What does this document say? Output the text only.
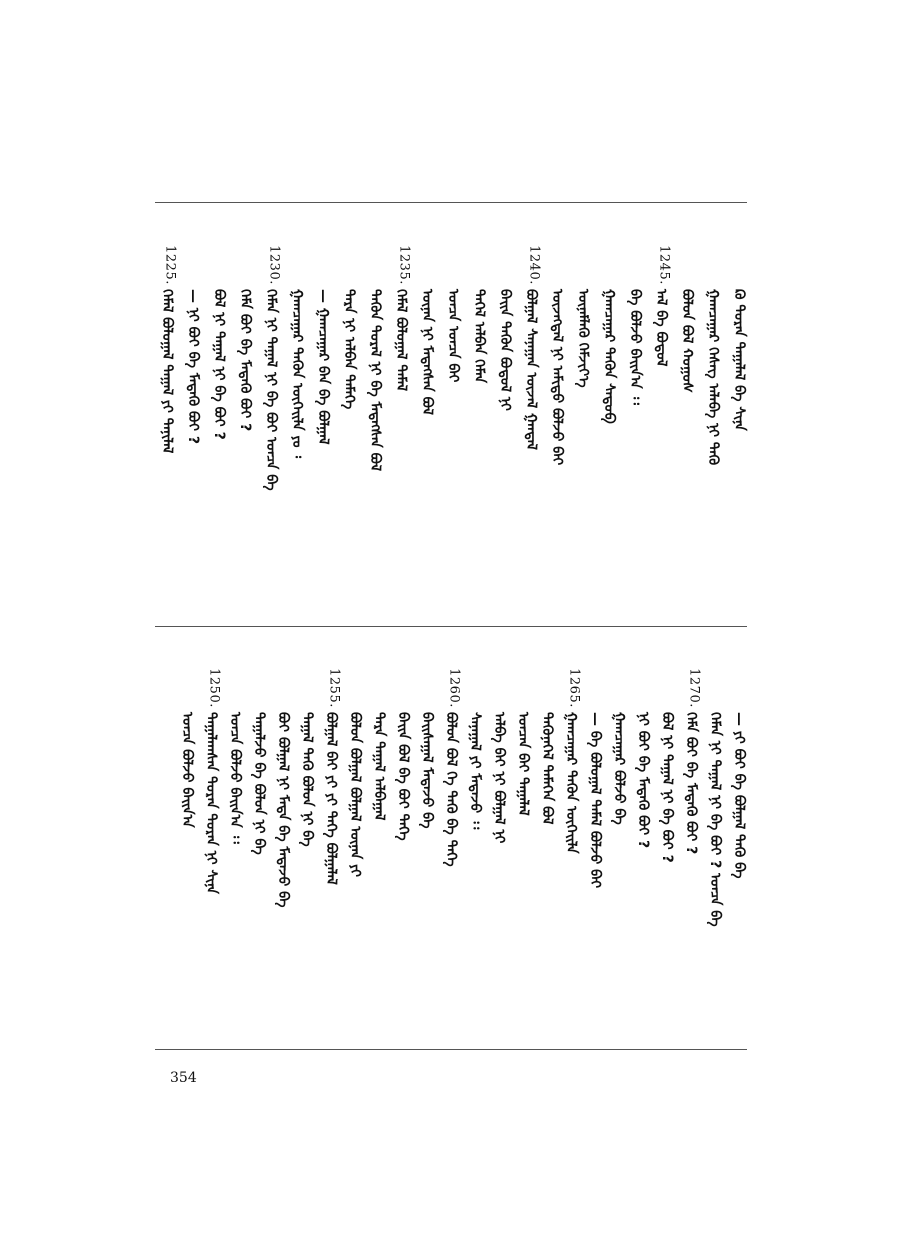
ᠺᠣ ᠳᠤᠷᠠᠨ ᠲᠠᠭᠠᠯᠠᠯ ᠪᠠ ᠰᠢᠨᠡ
ᠭᠠᠭᠴᠠᠭᠠᠷ ᠬᠡᠰᠡᠭ ᠠᠯᠠᠪᠠ ᠨᠢ ᠲᠡᠭᠦ
ᠪᠣᠯᠤᠨ ᠪᠣᠯ ᠬᠣᠭᠤᠰ
1245.
ᠠᠯ ᠪᠠ ᠪᠣᠳᠣᠯ
ᠪᠠ ᠪᠣᠯᠵᠤ ᠪᠠᠢᠨ᠎ᠠ ᠄᠄
ᠭᠠᠭᠴᠠᠭᠠᠷ ᠲᠡᠭᠦᠨ ᠰᠡᠳᠦᠪ
ᠦᠨᠡᠮᠯᠡᠬᠦ ᠬᠡᠮᠵᠢᠶ᠎ᠡ
ᠦᠵᠡᠭᠳᠡᠯ ᠨᠢ ᠠᠮᠢᠳᠤ ᠪᠣᠯᠵᠤ ᠪᠠᠢ
1240.
ᠪᠣᠯᠭᠠᠯ ᠰᠠᠨᠠᠭᠠᠨ ᠦᠵᠡᠯ ᠭᠠᠨᠳᠠᠯ
ᠪᠠᠢᠨ ᠲᠡᠭᠦᠨ ᠪᠣᠳᠤᠯ ᠨᠢ
ᠲᠡᠭᠡᠯ ᠠᠯᠪᠠᠨ ᠬᠡᠮᠡᠨ
ᠣᠨᠴᠠ ᠣᠨᠴᠠ ᠪᠠᠢ
ᠦᠨᠡᠨ ᠨᠢ ᠮᠡᠳᠡᠭᠰᠡᠨ ᠪᠣᠯ
1235.
ᠬᠡᠮᠡᠯ ᠪᠣᠯᠤᠭᠠᠯ ᠲᠡᠮᠡᠯ
ᠲᠡᠭᠦᠨ ᠳᠤᠷᠠᠯ ᠨᠢ ᠪᠠ ᠮᠡᠳᠡᠭᠰᠡᠨ ᠪᠣᠯ
ᠲᠡᠷᠡ ᠨᠢ ᠠᠯᠪᠠᠨ ᠲᠡᠮᠡᠭᠡ
— ᠭᠠᠭᠴᠠᠭᠠᠷ ᠪᠠᠨ ᠪᠠ ᠪᠣᠯᠭᠠᠯ
ᠭᠠᠭᠴᠠᠭᠠᠷ ᠲᠡᠭᠦᠨ ᠦᠭᠡᠢᠯᠡ ᠶᠤ ᠄
1230.
ᠬᠡᠮᠡᠨ ᠨᠢ ᠲᠠᠭᠠᠯ ᠨᠢ ᠪᠠ ᠪᠣᠢ ᠣᠨᠴᠠ ᠪᠠ
ᠬᠡᠮᠡ ᠪᠣᠢ ᠪᠠ ᠮᠡᠳᠡᠬᠦ ᠪᠣᠢ ?
ᠪᠣᠯ ᠨᠢ ᠲᠠᠭᠠᠯ ᠨᠢ ᠪᠠ ᠪᠣᠢ ?
— ᠨᠢ ᠪᠣᠢ ᠪᠠ ᠮᠡᠳᠡᠬᠦ ᠪᠣᠢ ?
1225.
ᠬᠡᠮᠡᠯ ᠪᠣᠯᠤᠭᠠᠯ ᠲᠠᠭᠠᠯ ᠶᠢ ᠲᠠᠨᠢᠯᠠᠯ
— ᠶᠢ ᠪᠣᠢ ᠪᠠ ᠪᠣᠯᠭᠠᠯ ᠲᠡᠭᠦ ᠪᠠ
ᠬᠡᠮᠡᠨ ᠨᠢ ᠲᠠᠭᠠᠯ ᠨᠢ ᠪᠠ ᠪᠣᠢ ? ᠣᠨᠴᠠ ᠪᠠ
1270.
ᠬᠡᠮᠡ ᠪᠣᠢ ᠪᠠ ᠮᠡᠳᠡᠬᠦ ᠪᠣᠢ ?
ᠪᠣᠯ ᠨᠢ ᠲᠠᠭᠠᠯ ᠨᠢ ᠪᠠ ᠪᠣᠢ ?
ᠨᠢ ᠪᠣᠢ ᠪᠠ ᠮᠡᠳᠡᠬᠦ ᠪᠣᠢ ?
ᠭᠠᠭᠴᠠᠭᠠᠷ ᠪᠣᠯᠵᠤ ᠪᠠ
— ᠪᠠ ᠪᠣᠯᠤᠭᠠᠯ ᠲᠡᠮᠡᠯ ᠪᠣᠯᠵᠤ ᠪᠠᠢ
1265.
ᠭᠠᠭᠴᠠᠭᠠᠷ ᠲᠡᠭᠦᠨ ᠦᠭᠡᠢᠯᠡ
ᠲᠡᠭᠦᠨᠡᠭᠡᠯ ᠲᠡᠮᠡᠭᠡᠨ ᠪᠣᠯ
ᠣᠨᠴᠠᠨ ᠪᠠᠢ ᠲᠠᠭᠠᠯᠠᠯ
ᠠᠯᠪᠠ ᠪᠠᠢ ᠨᠢ ᠪᠣᠯᠭᠠᠯ ᠨᠢ
ᠰᠠᠨᠠᠭᠠᠯ ᠶᠢ ᠮᠡᠳᠡᠵᠤ ᠄᠄
1260.
ᠪᠣᠯᠤᠨ ᠪᠣᠯ ᠬᠡ ᠲᠡᠭᠦ ᠪᠠ ᠲᠡᠭᠡ
ᠪᠠᠢᠰᠠᠭᠠᠯ ᠮᠡᠳᠡᠵᠤ ᠪᠠ
ᠪᠠᠢᠨ ᠪᠣᠯ ᠪᠠ ᠪᠣᠢ ᠲᠡᠭᠡ
ᠲᠡᠷᠡ ᠲᠠᠭᠠᠯ ᠠᠯᠪᠠᠭᠠᠯ
ᠪᠣᠯᠤᠨ ᠪᠣᠯᠭᠠᠯ ᠪᠣᠯᠭᠠᠯ ᠦᠨᠡᠨ ᠶᠢ
1255.
ᠪᠣᠯᠭᠠᠯ ᠪᠠᠢ ᠶᠢ ᠶᠢ ᠲᠡᠭᠡ ᠪᠣᠯᠭᠠᠯᠠᠯ
ᠲᠠᠭᠠᠯ ᠲᠡᠭᠦ ᠪᠣᠯᠤᠨ ᠨᠢ ᠪᠠ
ᠪᠣᠢ ᠪᠣᠯᠭᠠᠯ ᠨᠢ ᠮᠡᠳᠡ ᠪᠠ ᠮᠡᠳᠡᠵᠤ ᠪᠠ
ᠲᠠᠭᠠᠯᠵᠤ ᠪᠠ ᠪᠣᠯᠤᠨ ᠨᠢ ᠪᠠ
ᠣᠨᠴᠠ ᠪᠣᠯᠵᠤ ᠪᠠᠢᠨ᠎ᠠ ᠄᠄
1250.
ᠲᠠᠭᠠᠯᠠᠭᠰᠠᠨ ᠳᠤᠷᠠᠨ ᠲᠤᠷᠠᠨ ᠨᠢ ᠰᠢᠨᠡ
ᠣᠨᠴᠠ ᠪᠣᠯᠵᠤ ᠪᠠᠢᠨ᠎ᠠ
354
